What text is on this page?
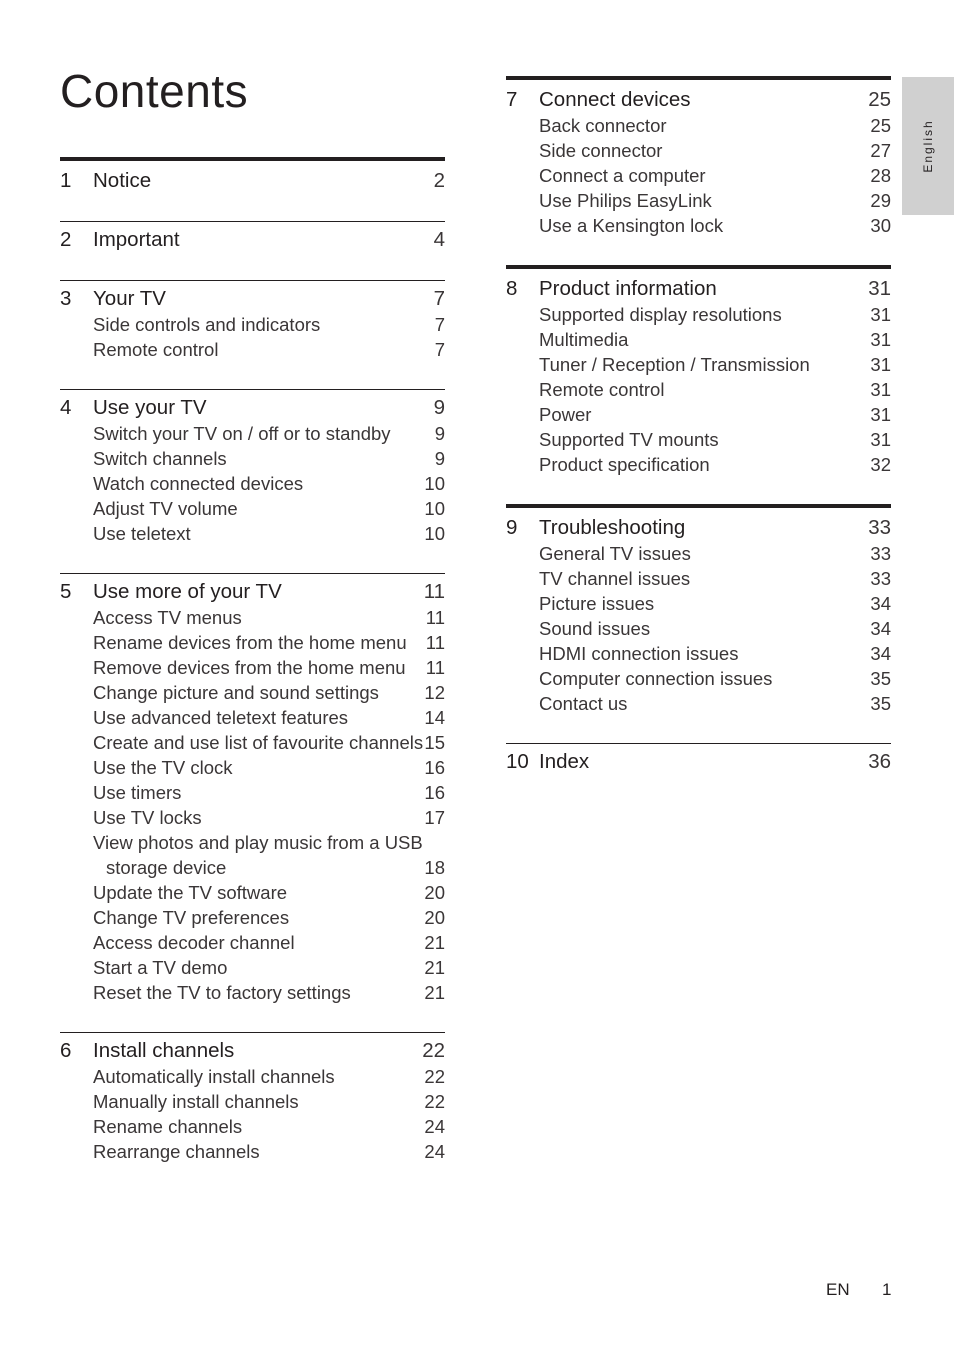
Contents
English
1 Notice	2
2 Important	4
3 Your TV	7
Side controls and indicators	7
Remote control	7
4 Use your TV	9
Switch your TV on / off or to standby 9
Switch channels	9
Watch connected devices	10
Adjust TV volume	10
Use teletext	10
5 Use more of your TV	11
Access TV menus	11
Rename devices from the home menu 11
Remove devices from the home menu 11
Change picture and sound settings 12
Use advanced teletext features	14
Create and use list of favourite channels 15
Use the TV clock	16
Use timers	16
Use TV locks	17
View photos and play music from a USB
storage device	18
Update the TV software	20
Change TV preferences	20
Access decoder channel	21
Start a TV demo	21
Reset the TV to factory settings	21
6 Install channels	22
Automatically install channels	22
Manually install channels	22
Rename channels	24
Rearrange channels	24
7 Connect devices	25
Back connector	25
Side connector	27
Connect a computer	28
Use Philips EasyLink	29
Use a Kensington lock	30
8 Product information	31
Supported display resolutions	31
Multimedia	31
Tuner / Reception / Transmission	31
Remote control	31
Power	31
Supported TV mounts	31
Product specification	32
9 Troubleshooting	33
General TV issues	33
TV channel issues	33
Picture issues	34
Sound issues	34
HDMI connection issues	34
Computer connection issues	35
Contact us	35
10 Index	36
EN 1
